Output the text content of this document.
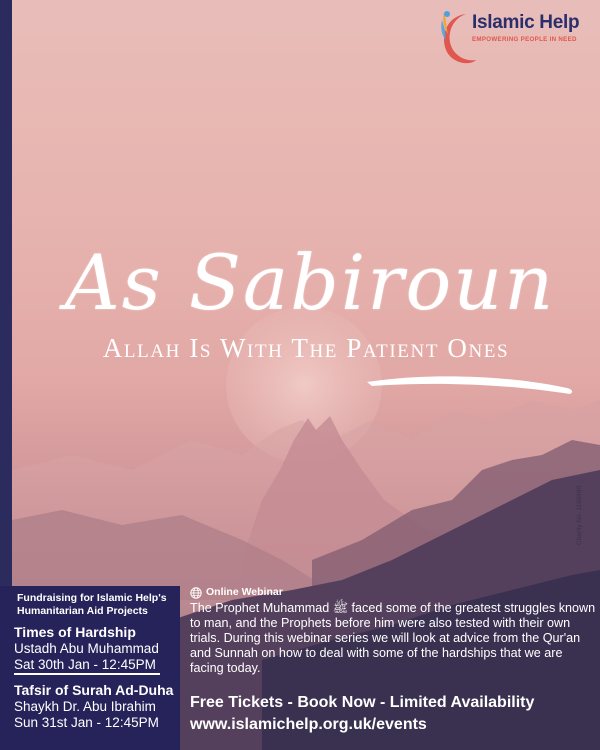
Islamic Help
EMPOWERING PEOPLE IN NEED
As Sabiroun
Allah Is With The Patient Ones
Charity No. 1160490
Fundraising for Islamic Help's
Humanitarian Aid Projects
Times of Hardship
Ustadh Abu Muhammad
Sat 30th Jan - 12:45PM
Tafsir of Surah Ad-Duha
Shaykh Dr. Abu Ibrahim
Sun 31st Jan - 12:45PM
Online Webinar
The Prophet Muhammad ﷺ faced some of the greatest struggles known to man, and the Prophets before him were also tested with their own trials. During this webinar series we will look at advice from the Qur'an and Sunnah on how to deal with some of the hardships that we are facing today.
Free Tickets - Book Now - Limited Availability
www.islamichelp.org.uk/events
